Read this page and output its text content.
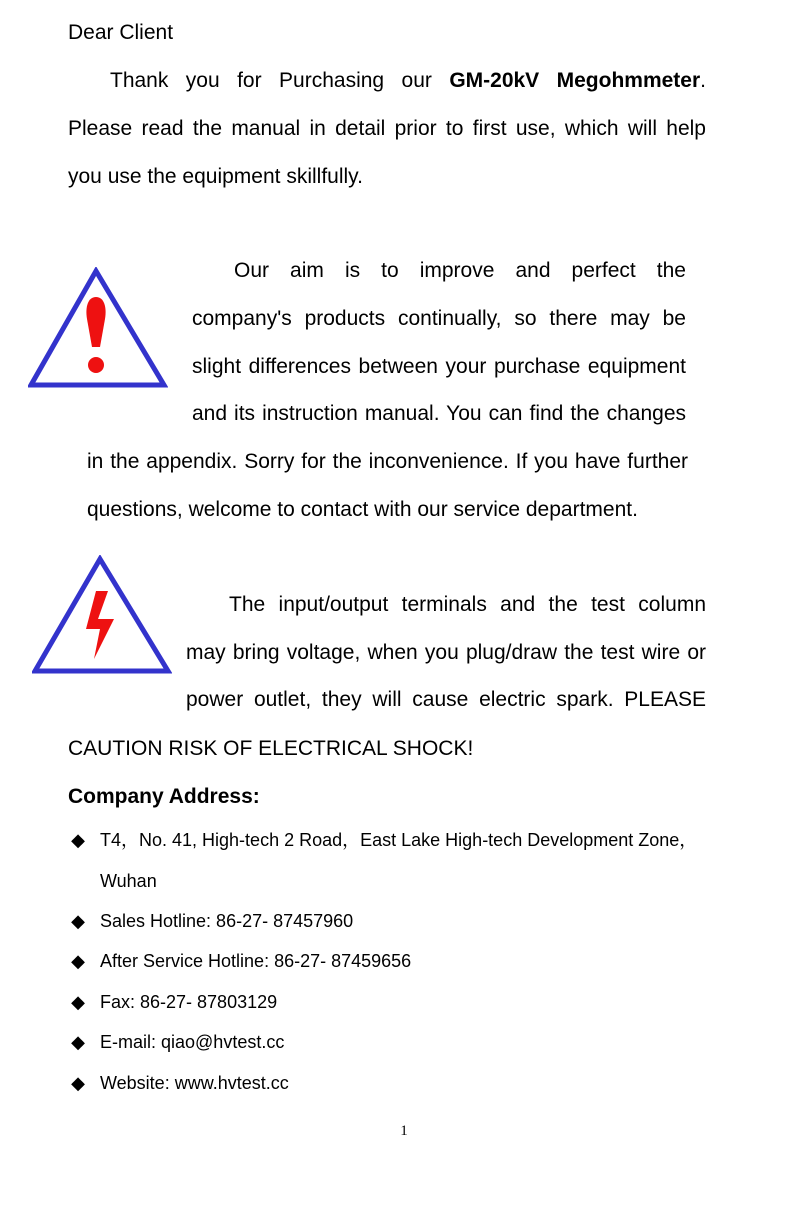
Dear Client

Thank you for Purchasing our GM-20kV Megohmmeter.

Please read the manual in detail prior to first use, which will help

you use the equipment skillfully.

Our aim is to improve and perfect the

company's products continually, so there may be

slight differences between your purchase equipment

and its instruction manual. You can find the changes

in the appendix. Sorry for the inconvenience. If you have further

questions, welcome to contact with our service department.

The input/output terminals and the test column

may bring voltage, when you plug/draw the test wire or

power outlet, they will cause electric spark. PLEASE

CAUTION RISK OF ELECTRICAL SHOCK!

Company Address:

◆ T4，No. 41, High-tech 2 Road，East Lake High-tech Development Zone，
Wuhan
◆ Sales Hotline: 86-27- 87457960
◆ After Service Hotline: 86-27- 87459656
◆ Fax: 86-27- 87803129
◆ E-mail: qiao@hvtest.cc
◆ Website: www.hvtest.cc
1
